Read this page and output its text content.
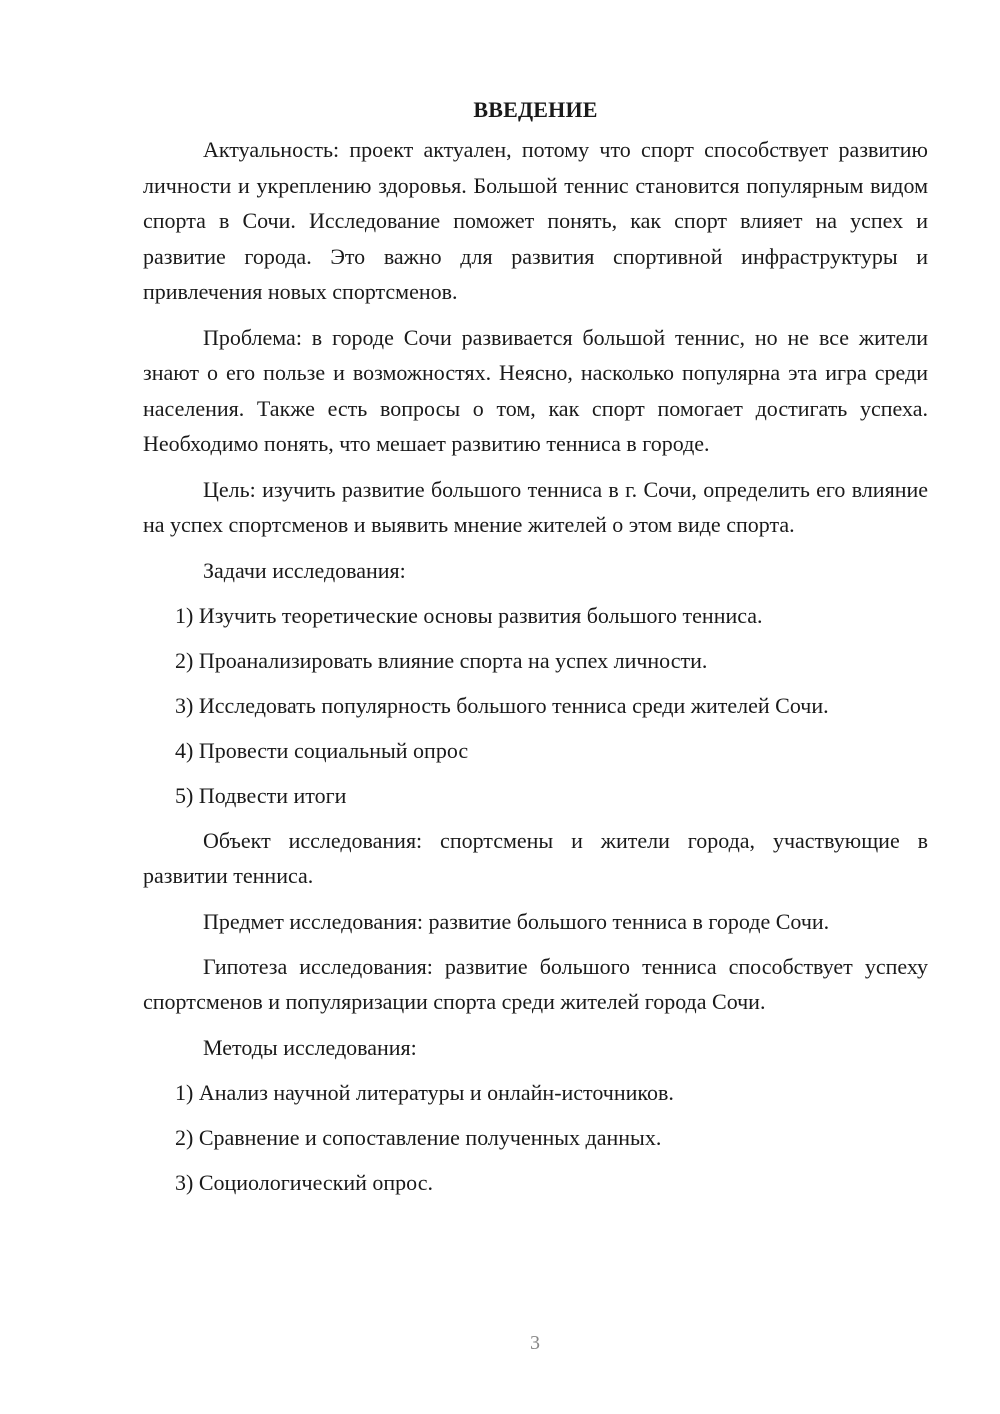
ВВЕДЕНИЕ

Актуальность: проект актуален, потому что спорт способствует развитию личности и укреплению здоровья. Большой теннис становится популярным видом спорта в Сочи. Исследование поможет понять, как спорт влияет на успех и развитие города. Это важно для развития спортивной инфраструктуры и привлечения новых спортсменов.

Проблема: в городе Сочи развивается большой теннис, но не все жители знают о его пользе и возможностях. Неясно, насколько популярна эта игра среди населения. Также есть вопросы о том, как спорт помогает достигать успеха. Необходимо понять, что мешает развитию тенниса в городе.

Цель: изучить развитие большого тенниса в г. Сочи, определить его влияние на успех спортсменов и выявить мнение жителей о этом виде спорта.

Задачи исследования:

1) Изучить теоретические основы развития большого тенниса.

2) Проанализировать влияние спорта на успех личности.

3) Исследовать популярность большого тенниса среди жителей Сочи.

4) Провести социальный опрос

5) Подвести итоги

Объект исследования: спортсмены и жители города, участвующие в развитии тенниса.

Предмет исследования: развитие большого тенниса в городе Сочи.

Гипотеза исследования: развитие большого тенниса способствует успеху спортсменов и популяризации спорта среди жителей города Сочи.

Методы исследования:

1) Анализ научной литературы и онлайн-источников.

2) Сравнение и сопоставление полученных данных.

3) Социологический опрос.

3
